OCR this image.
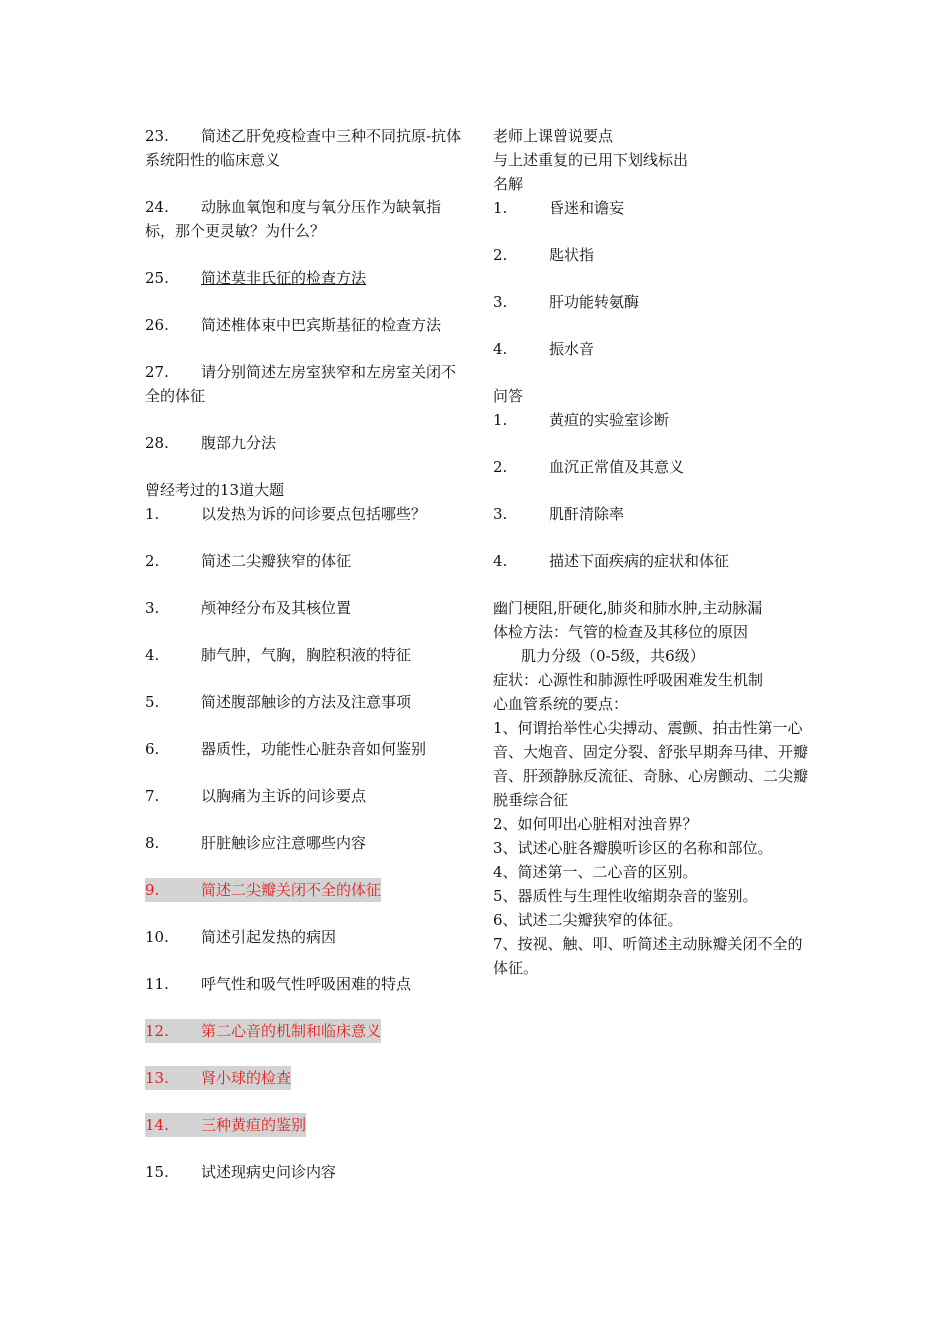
23. 简述乙肝免疫检查中三种不同抗原-抗体系统阳性的临床意义

24. 动脉血氧饱和度与氧分压作为缺氧指标，那个更灵敏？为什么？

25.	简述莫非氏征的检查方法

26. 简述椎体束中巴宾斯基征的检查方法

27. 请分别简述左房室狭窄和左房室关闭不全的体征

28.	腹部九分法

曾经考过的13道大题

1.	以发热为诉的问诊要点包括哪些？

2.	简述二尖瓣狭窄的体征

3.	颅神经分布及其核位置

4.	肺气肿，气胸，胸腔积液的特征

5.	简述腹部触诊的方法及注意事项

6.	器质性，功能性心脏杂音如何鉴别

7.	以胸痛为主诉的问诊要点

8.	肝脏触诊应注意哪些内容

9.	简述二尖瓣关闭不全的体征

10.	简述引起发热的病因

11.	呼气性和吸气性呼吸困难的特点

12.	第二心音的机制和临床意义

13.	肾小球的检查

14.	三种黄疸的鉴别

15.	试述现病史问诊内容

老师上课曾说要点

与上述重复的已用下划线标出

名解

1.	昏迷和谵妄

2.	匙状指

3.	肝功能转氨酶

4.	振水音

问答

1.	黄疸的实验室诊断

2.	血沉正常值及其意义

3.	肌酐清除率

4.	描述下面疾病的症状和体征

幽门梗阻,肝硬化,肺炎和肺水肿,主动脉漏

体检方法：气管的检查及其移位的原因

肌力分级（0-5级，共6级）

症状：心源性和肺源性呼吸困难发生机制

心血管系统的要点：

1、何谓抬举性心尖搏动、震颤、拍击性第一心音、大炮音、固定分裂、舒张早期奔马律、开瓣音、肝颈静脉反流征、奇脉、心房颤动、二尖瓣脱垂综合征

2、如何叩出心脏相对浊音界？

3、试述心脏各瓣膜听诊区的名称和部位。

4、简述第一、二心音的区别。

5、器质性与生理性收缩期杂音的鉴别。

6、试述二尖瓣狭窄的体征。

7、按视、触、叩、听简述主动脉瓣关闭不全的体征。
